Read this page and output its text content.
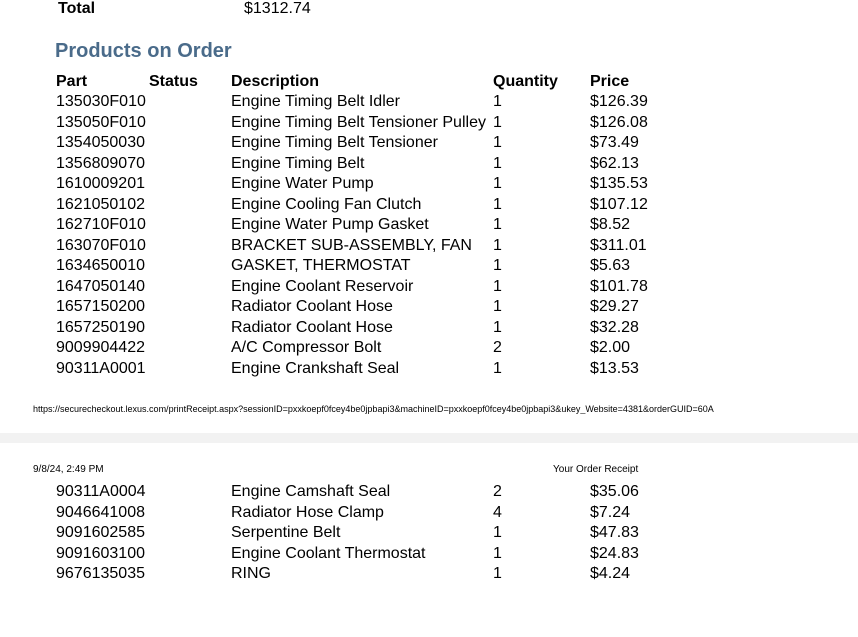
Total	$1312.74
Products on Order
Part	Status Description	Quantity Price
135030F010	Engine Timing Belt Idler	1	$126.39
135050F010	Engine Timing Belt Tensioner Pulley 1	$126.08
1354050030	Engine Timing Belt Tensioner	1	$73.49
1356809070	Engine Timing Belt	1	$62.13
1610009201	Engine Water Pump	1	$135.53
1621050102	Engine Cooling Fan Clutch	1	$107.12
162710F010	Engine Water Pump Gasket	1	$8.52
163070F010	BRACKET SUB-ASSEMBLY, FAN 1	$311.01
1634650010	GASKET, THERMOSTAT	1	$5.63
1647050140	Engine Coolant Reservoir	1	$101.78
1657150200	Radiator Coolant Hose	1	$29.27
1657250190	Radiator Coolant Hose	1	$32.28
9009904422	A/C Compressor Bolt	2	$2.00
90311A0001	Engine Crankshaft Seal	1	$13.53
https://securecheckout.lexus.com/printReceipt.aspx?sessionID=pxxkoepf0fcey4be0jpbapi3&machineID=pxxkoepf0fcey4be0jpbapi3&ukey_Website=4381&orderGUID=60A
9/8/24, 2:49 PM	Your Order Receipt
90311A0004	Engine Camshaft Seal	2	$35.06
9046641008	Radiator Hose Clamp	4	$7.24
9091602585	Serpentine Belt	1	$47.83
9091603100	Engine Coolant Thermostat	1	$24.83
9676135035	RING	1	$4.24
